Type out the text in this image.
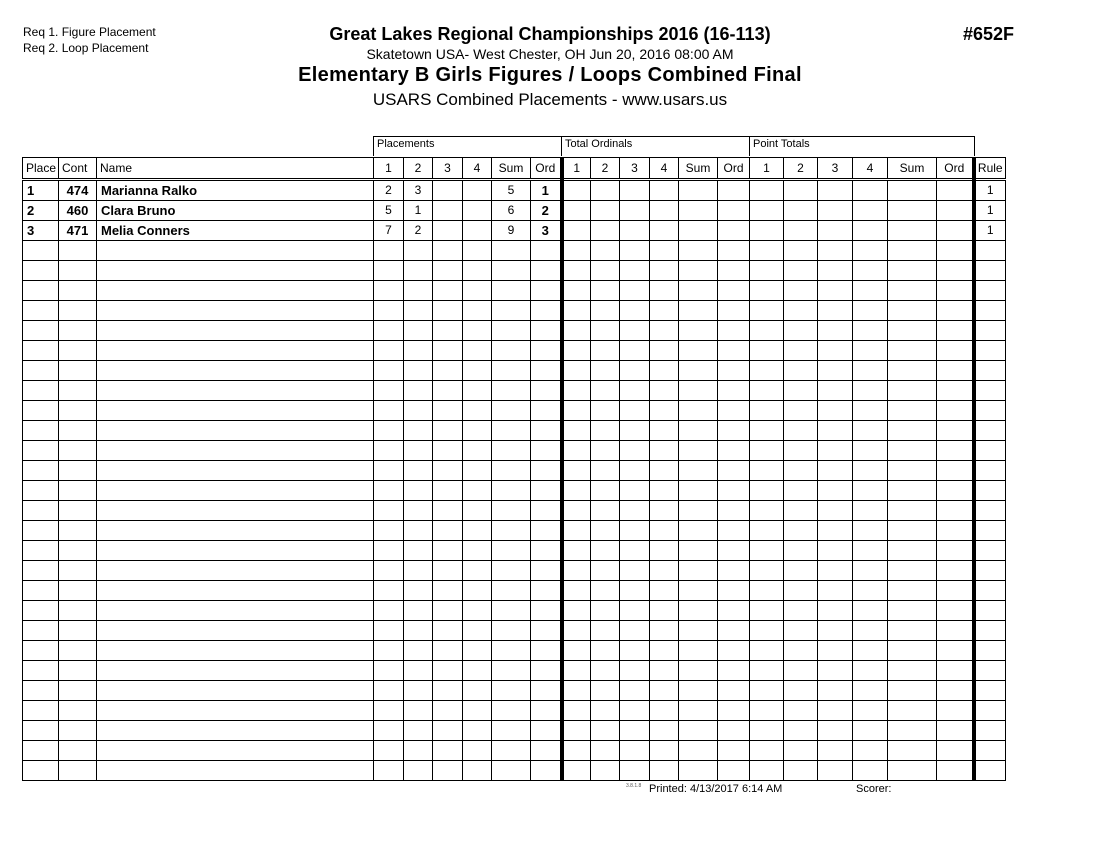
Req 1. Figure Placement
Req 2. Loop Placement
Great Lakes Regional Championships 2016 (16-113)
Skatetown USA- West Chester, OH Jun 20, 2016 08:00 AM
Elementary B Girls Figures / Loops Combined Final
USARS Combined Placements - www.usars.us
#652F
Placements	Total Ordinals	Point Totals
Place	Cont	Name	1	2	3	4	Sum	Ord	1	2	3	4	Sum	Ord	1	2	3	4	Sum	Ord	Rule
1	474	Marianna Ralko	2	3			5	1													1
2	460	Clara Bruno	5	1			6	2													1
3	471	Melia Conners	7	2			9	3													1

3.8.1.8 Printed: 4/13/2017 6:14 AM	Scorer:
